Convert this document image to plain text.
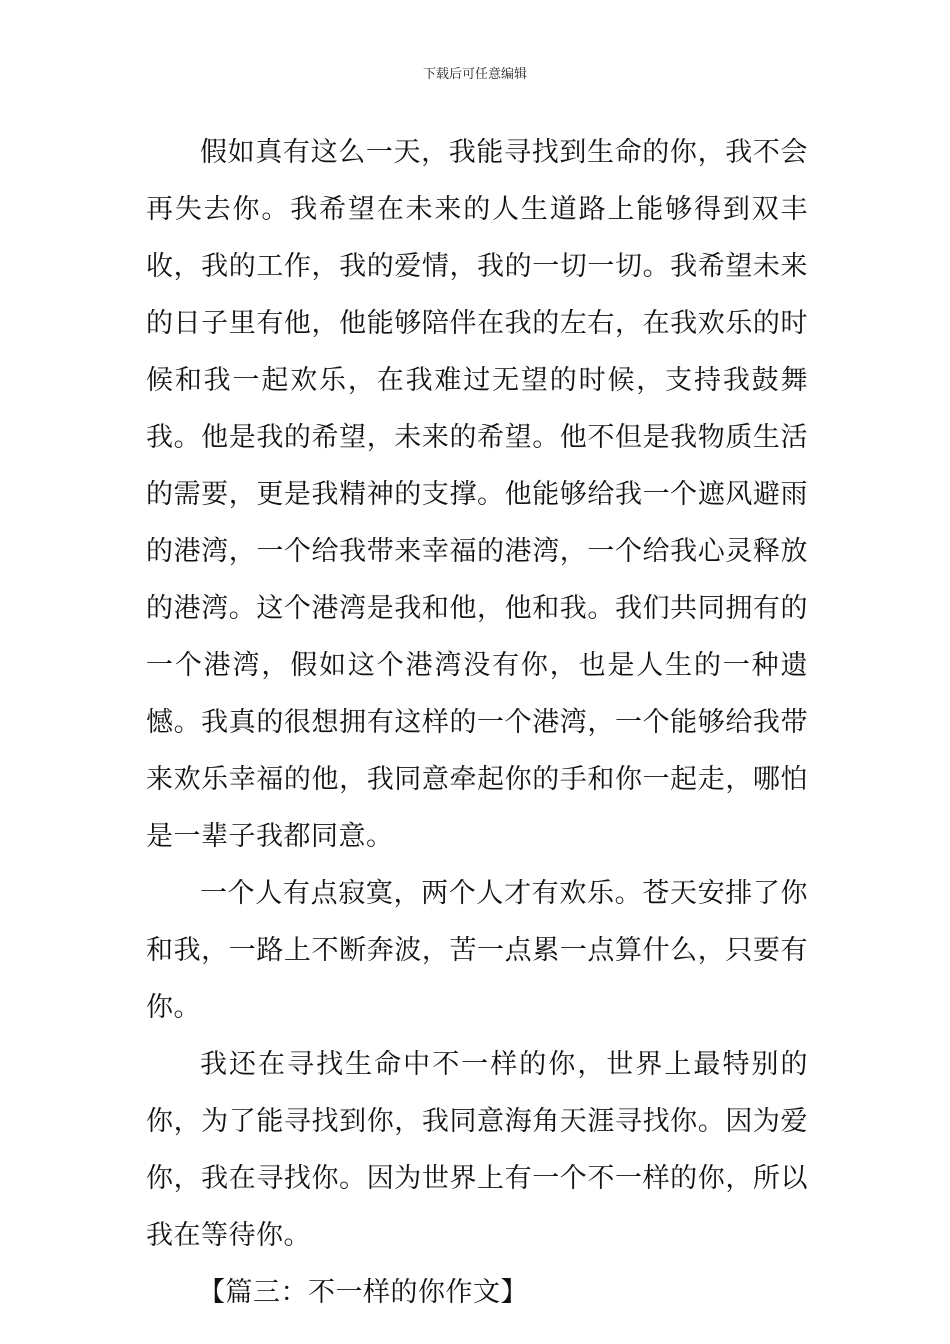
下载后可任意编辑

假如真有这么一天，我能寻找到生命的你，我不会再失去你。我希望在未来的人生道路上能够得到双丰收，我的工作，我的爱情，我的一切一切。我希望未来的日子里有他，他能够陪伴在我的左右，在我欢乐的时候和我一起欢乐，在我难过无望的时候，支持我鼓舞我。他是我的希望，未来的希望。他不但是我物质生活的需要，更是我精神的支撑。他能够给我一个遮风避雨的港湾，一个给我带来幸福的港湾，一个给我心灵释放的港湾。这个港湾是我和他，他和我。我们共同拥有的一个港湾，假如这个港湾没有你，也是人生的一种遗憾。我真的很想拥有这样的一个港湾，一个能够给我带来欢乐幸福的他，我同意牵起你的手和你一起走，哪怕是一辈子我都同意。

一个人有点寂寞，两个人才有欢乐。苍天安排了你和我，一路上不断奔波，苦一点累一点算什么，只要有你。

我还在寻找生命中不一样的你，世界上最特别的你，为了能寻找到你，我同意海角天涯寻找你。因为爱你，我在寻找你。因为世界上有一个不一样的你，所以我在等待你。

【篇三：不一样的你作文】
